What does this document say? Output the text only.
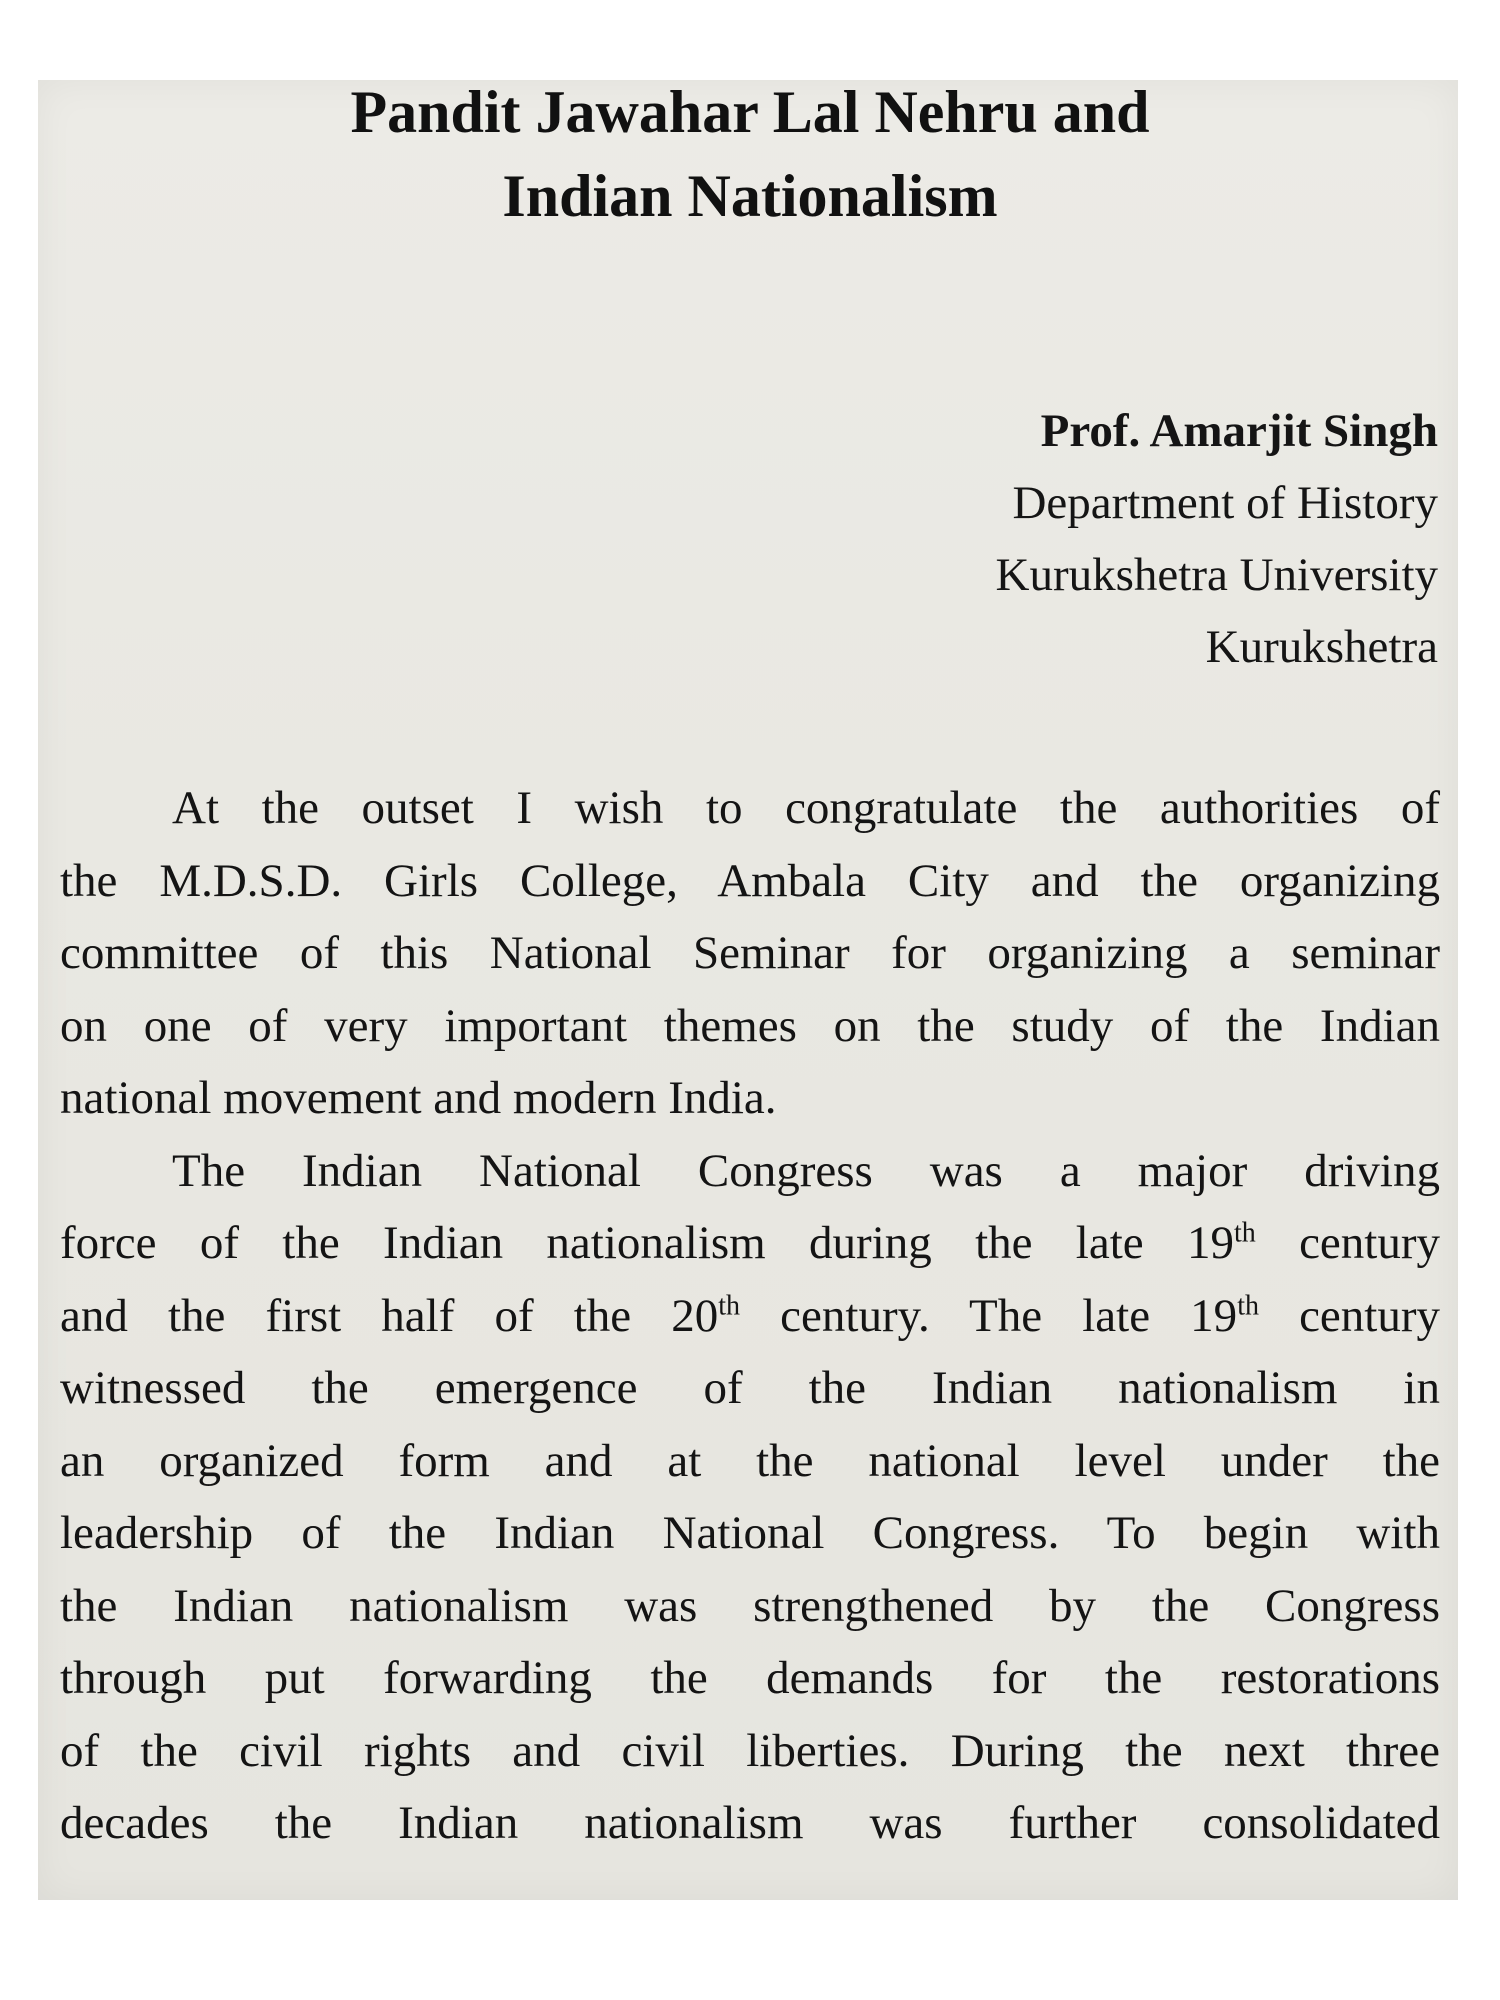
Pandit Jawahar Lal Nehru and
Indian Nationalism
Prof. Amarjit Singh
Department of History
Kurukshetra University
Kurukshetra
At the outset I wish to congratulate the authorities of
the M.D.S.D. Girls College, Ambala City and the organizing
committee of this National Seminar for organizing a seminar
on one of very important themes on the study of the Indian
national movement and modern India.
The Indian National Congress was a major driving
force of the Indian nationalism during the late 19th century
and the first half of the 20th century. The late 19th century
witnessed the emergence of the Indian nationalism in
an organized form and at the national level under the
leadership of the Indian National Congress. To begin with
the Indian nationalism was strengthened by the Congress
through put forwarding the demands for the restorations
of the civil rights and civil liberties. During the next three
decades the Indian nationalism was further consolidated
